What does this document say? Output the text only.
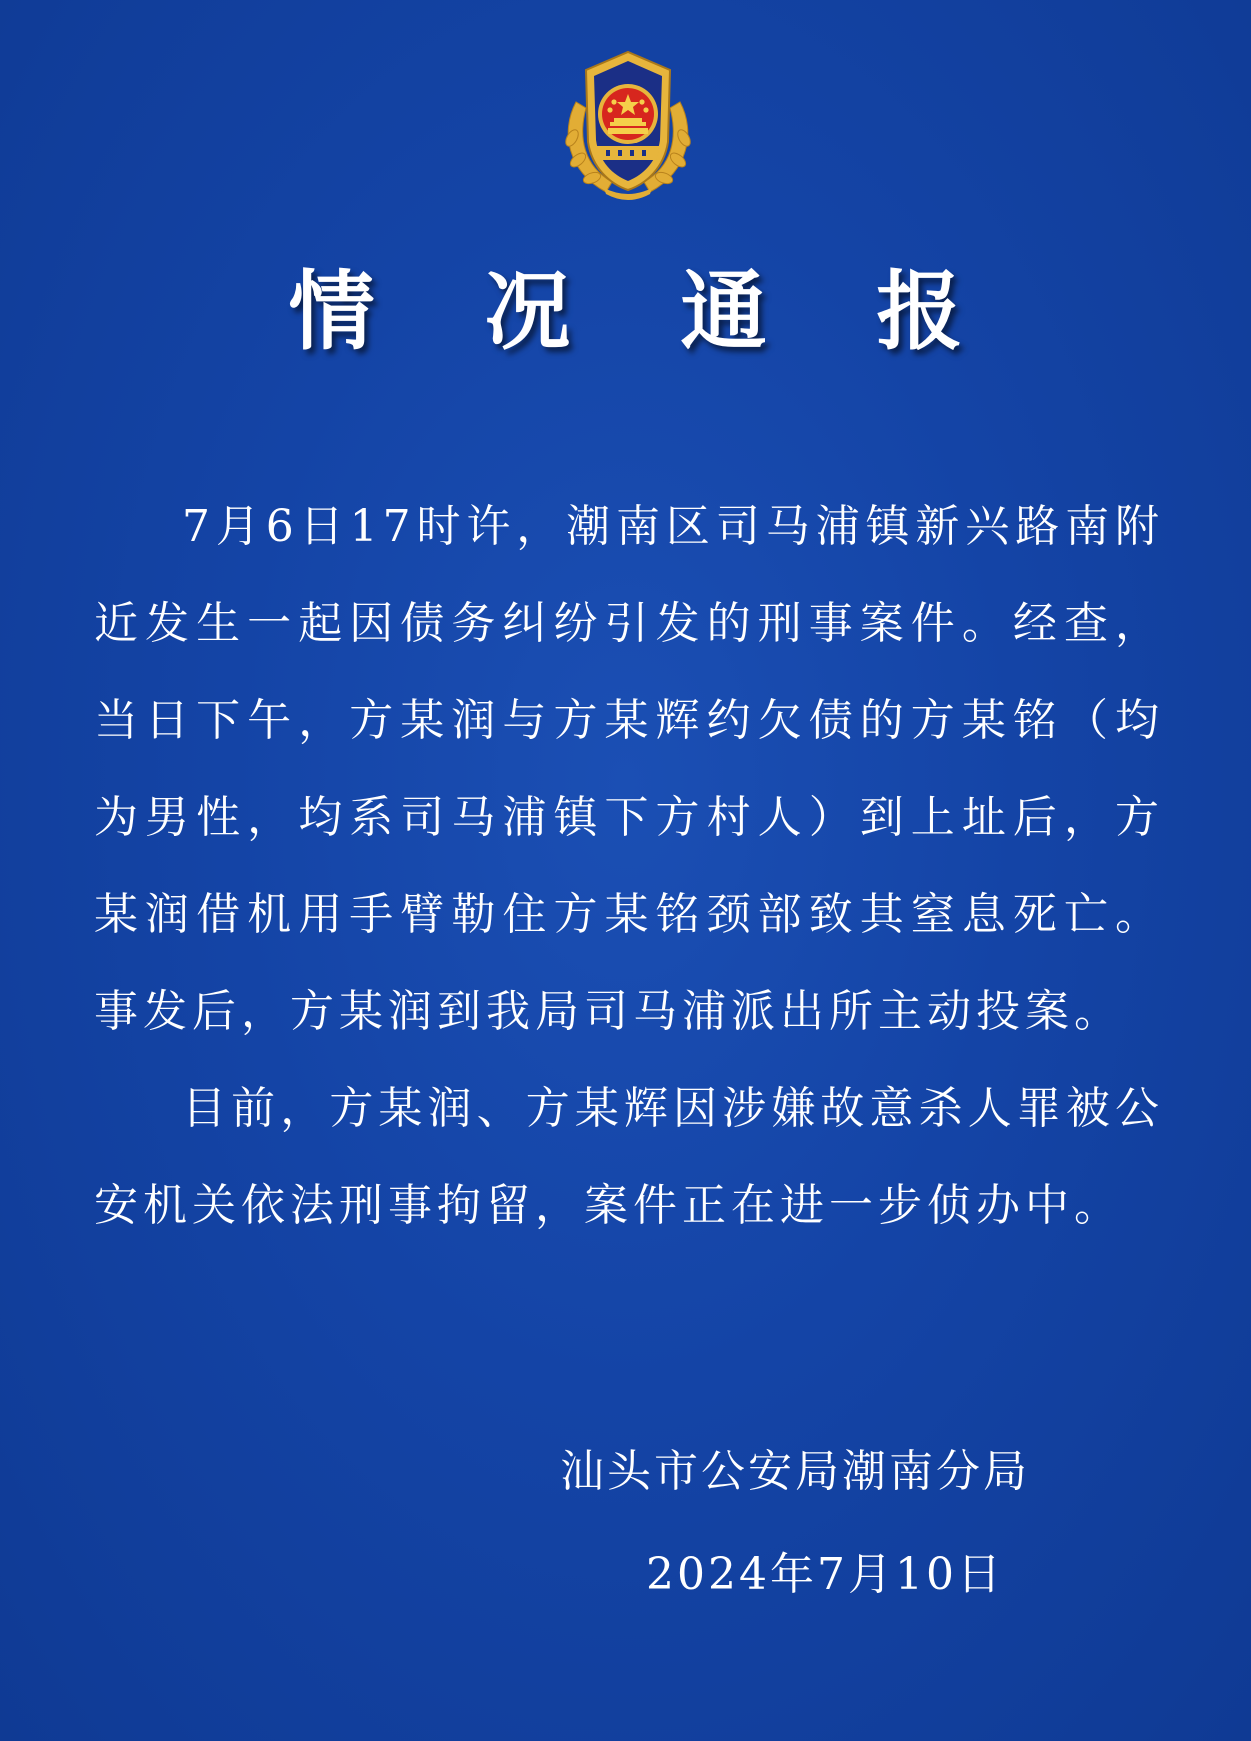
情 况 通 报

7月6日17时许，潮南区司马浦镇新兴路南附近发生一起因债务纠纷引发的刑事案件。经查，当日下午，方某润与方某辉约欠债的方某铭（均为男性，均系司马浦镇下方村人）到上址后，方某润借机用手臂勒住方某铭颈部致其窒息死亡。事发后，方某润到我局司马浦派出所主动投案。

目前，方某润、方某辉因涉嫌故意杀人罪被公安机关依法刑事拘留，案件正在进一步侦办中。

汕头市公安局潮南分局
2024年7月10日
